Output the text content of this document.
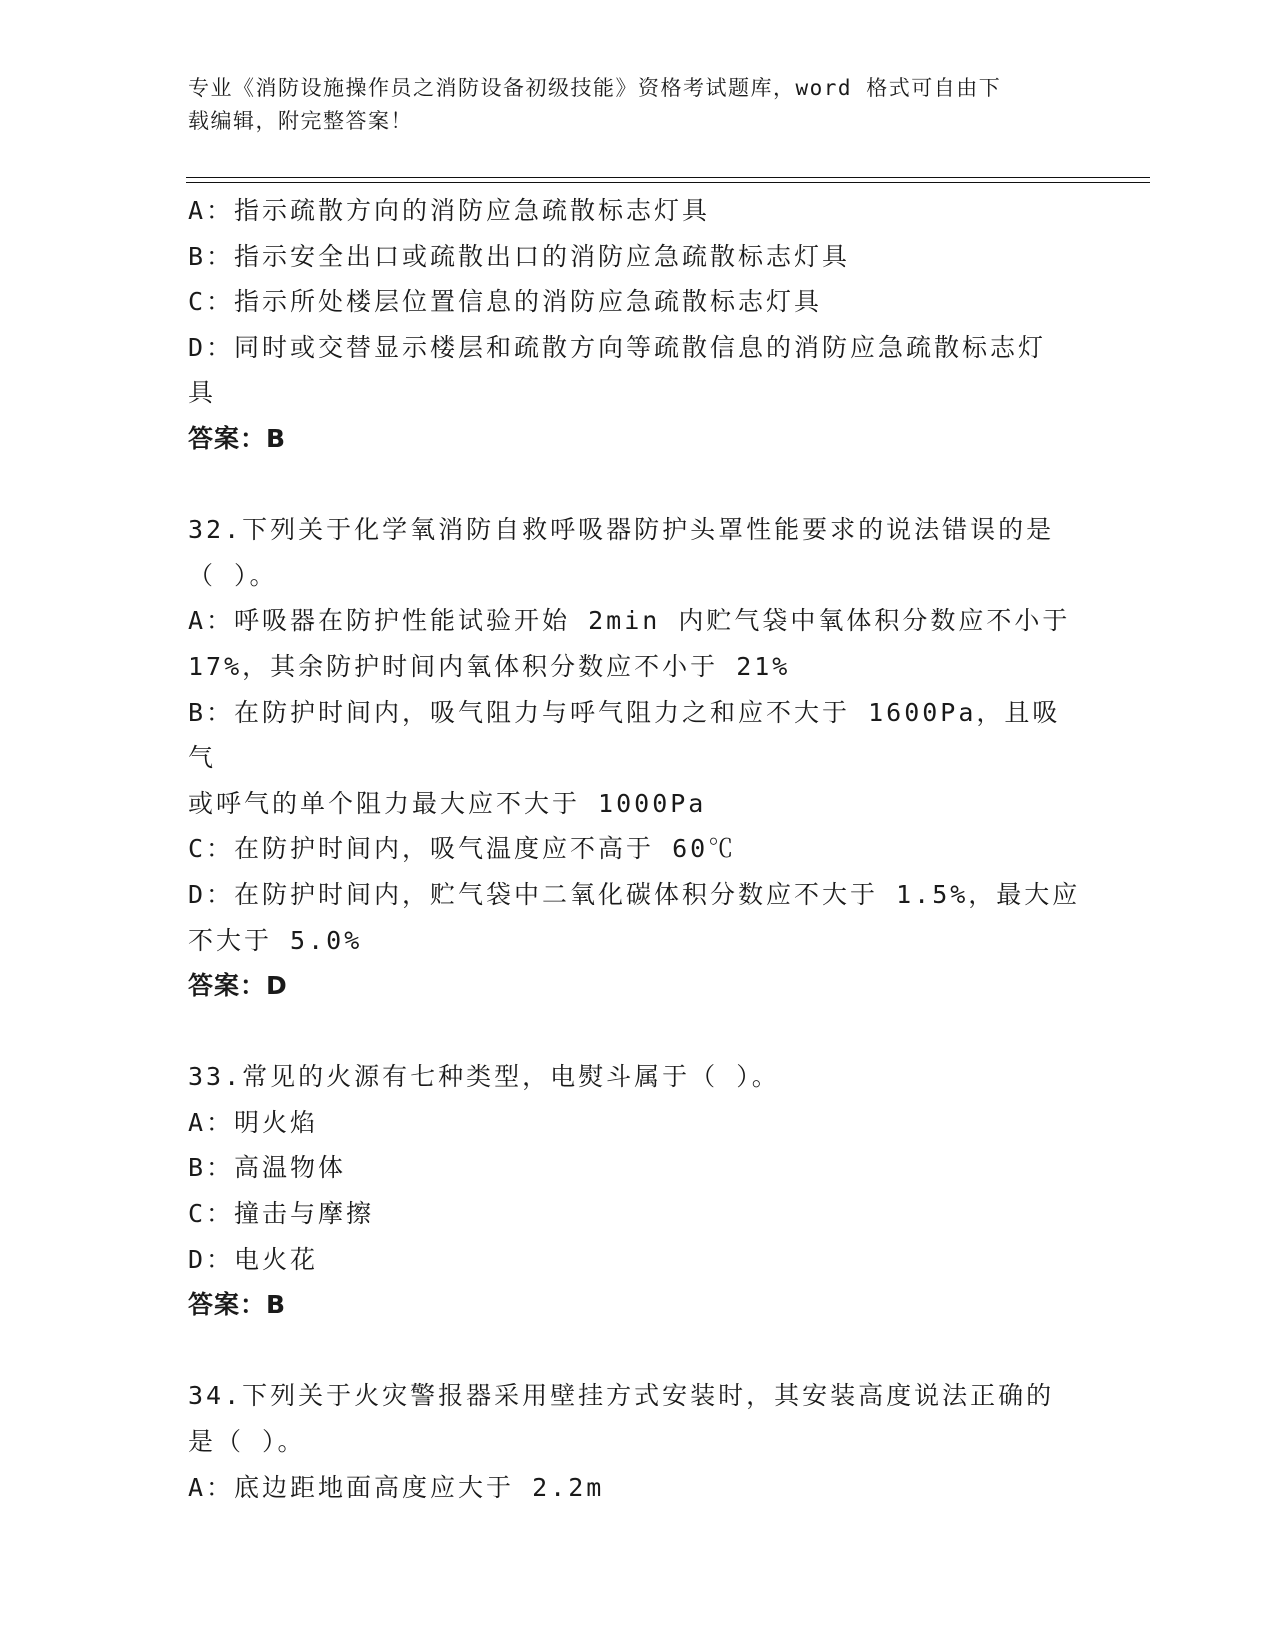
专业《消防设施操作员之消防设备初级技能》资格考试题库，word 格式可自由下
载编辑，附完整答案！
A：指示疏散方向的消防应急疏散标志灯具
B：指示安全出口或疏散出口的消防应急疏散标志灯具
C：指示所处楼层位置信息的消防应急疏散标志灯具
D：同时或交替显示楼层和疏散方向等疏散信息的消防应急疏散标志灯
具
答案：B
32.下列关于化学氧消防自救呼吸器防护头罩性能要求的说法错误的是
（ ）。
A：呼吸器在防护性能试验开始 2min 内贮气袋中氧体积分数应不小于
17%，其余防护时间内氧体积分数应不小于 21%
B：在防护时间内，吸气阻力与呼气阻力之和应不大于 1600Pa，且吸气
或呼气的单个阻力最大应不大于 1000Pa
C：在防护时间内，吸气温度应不高于 60℃
D：在防护时间内，贮气袋中二氧化碳体积分数应不大于 1.5%，最大应
不大于 5.0%
答案：D
33.常见的火源有七种类型，电熨斗属于（ ）。
A：明火焰
B：高温物体
C：撞击与摩擦
D：电火花
答案：B
34.下列关于火灾警报器采用壁挂方式安装时，其安装高度说法正确的
是（ ）。
A：底边距地面高度应大于 2.2m
